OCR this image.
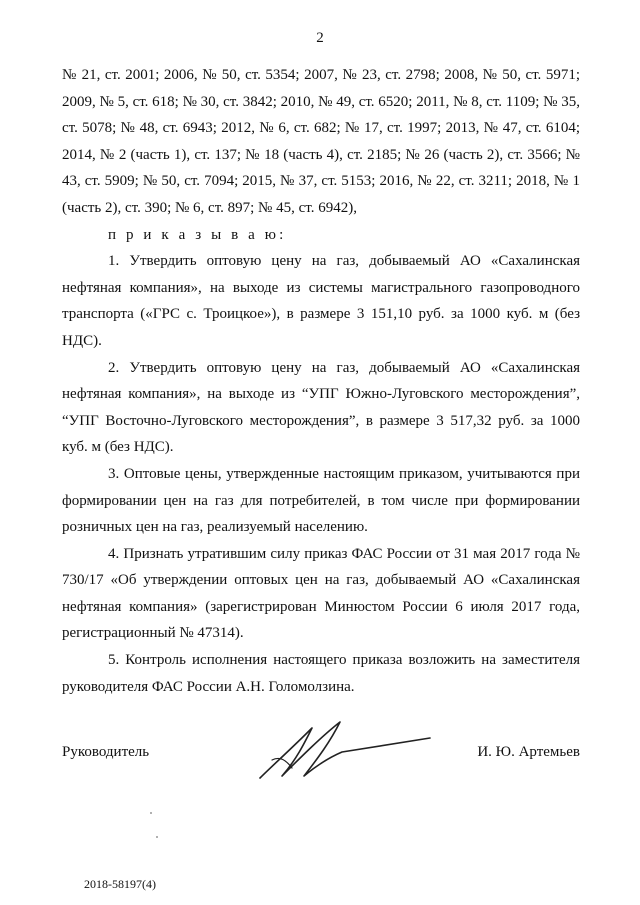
2

№ 21, ст. 2001; 2006, № 50, ст. 5354; 2007, № 23, ст. 2798; 2008, № 50, ст. 5971; 2009, № 5, ст. 618; № 30, ст. 3842; 2010, № 49, ст. 6520; 2011, № 8, ст. 1109; № 35, ст. 5078; № 48, ст. 6943; 2012, № 6, ст. 682; № 17, ст. 1997; 2013, № 47, ст. 6104; 2014, № 2 (часть 1), ст. 137; № 18 (часть 4), ст. 2185; № 26 (часть 2), ст. 3566; № 43, ст. 5909; № 50, ст. 7094; 2015, № 37, ст. 5153; 2016, № 22, ст. 3211; 2018, № 1 (часть 2), ст. 390; № 6, ст. 897; № 45, ст. 6942),

п р и к а з ы в а ю:

1. Утвердить оптовую цену на газ, добываемый АО «Сахалинская нефтяная компания», на выходе из системы магистрального газопроводного транспорта («ГРС с. Троицкое»), в размере 3 151,10 руб. за 1000 куб. м (без НДС).

2. Утвердить оптовую цену на газ, добываемый АО «Сахалинская нефтяная компания», на выходе из “УПГ Южно-Луговского месторождения”, “УПГ Восточно-Луговского месторождения”, в размере 3 517,32 руб. за 1000 куб. м (без НДС).

3. Оптовые цены, утвержденные настоящим приказом, учитываются при формировании цен на газ для потребителей, в том числе при формировании розничных цен на газ, реализуемый населению.

4. Признать утратившим силу приказ ФАС России от 31 мая 2017 года № 730/17 «Об утверждении оптовых цен на газ, добываемый АО «Сахалинская нефтяная компания» (зарегистрирован Минюстом России 6 июля 2017 года, регистрационный № 47314).

5. Контроль исполнения настоящего приказа возложить на заместителя руководителя ФАС России А.Н. Голомолзина.

Руководитель	И. Ю. Артемьев
2018-58197(4)
